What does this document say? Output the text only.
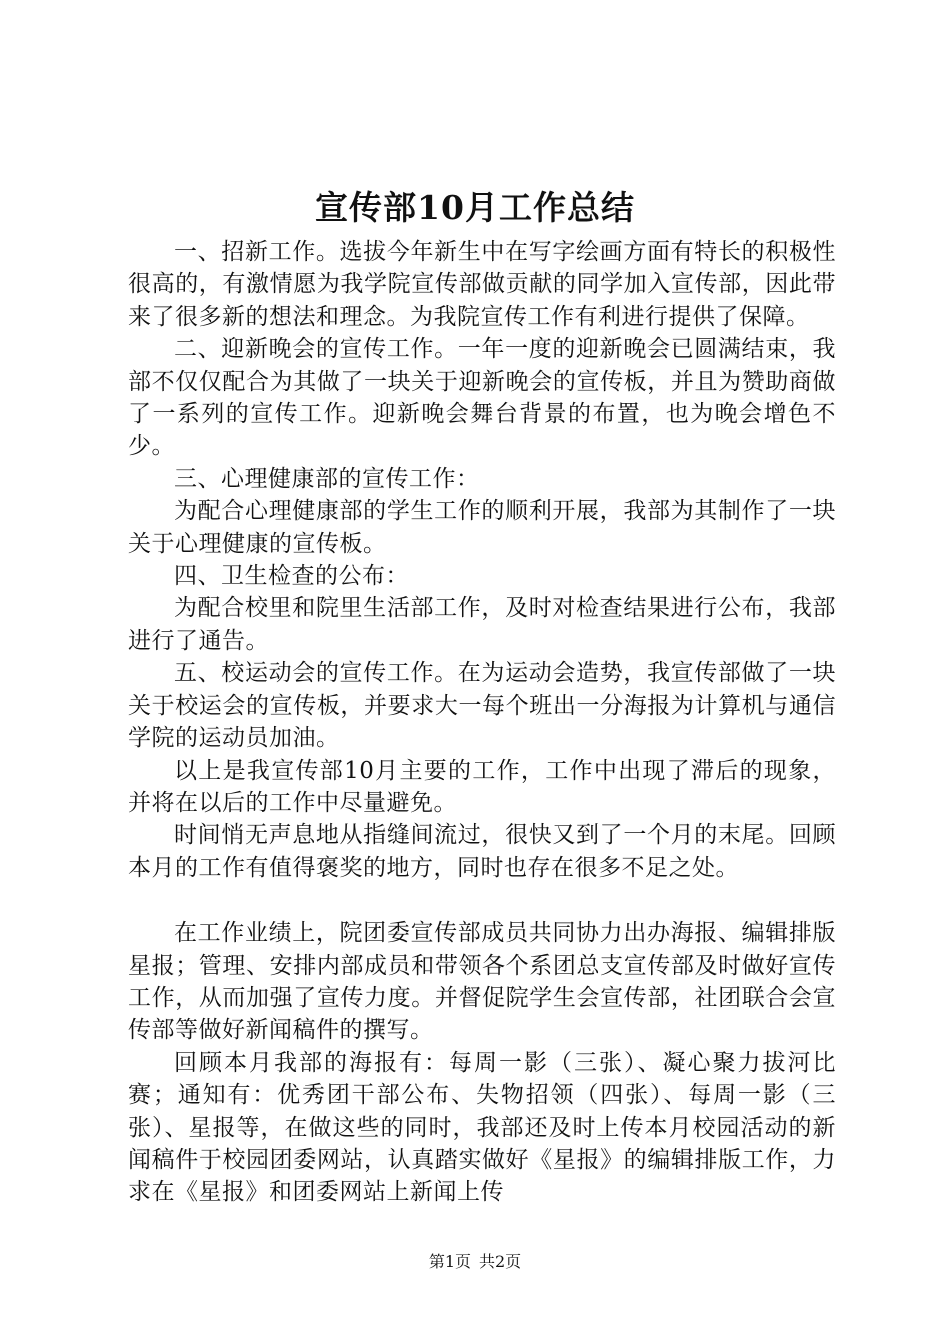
宣传部10月工作总结

一、招新工作。选拔今年新生中在写字绘画方面有特长的积极性很高的，有激情愿为我学院宣传部做贡献的同学加入宣传部，因此带来了很多新的想法和理念。为我院宣传工作有利进行提供了保障。

二、迎新晚会的宣传工作。一年一度的迎新晚会已圆满结束，我部不仅仅配合为其做了一块关于迎新晚会的宣传板，并且为赞助商做了一系列的宣传工作。迎新晚会舞台背景的布置，也为晚会增色不少。

三、心理健康部的宣传工作：

为配合心理健康部的学生工作的顺利开展，我部为其制作了一块关于心理健康的宣传板。

四、卫生检查的公布：

为配合校里和院里生活部工作，及时对检查结果进行公布，我部进行了通告。

五、校运动会的宣传工作。在为运动会造势，我宣传部做了一块关于校运会的宣传板，并要求大一每个班出一分海报为计算机与通信学院的运动员加油。

以上是我宣传部10月主要的工作，工作中出现了滞后的现象，并将在以后的工作中尽量避免。

时间悄无声息地从指缝间流过，很快又到了一个月的末尾。回顾本月的工作有值得褒奖的地方，同时也存在很多不足之处。

在工作业绩上，院团委宣传部成员共同协力出办海报、编辑排版星报；管理、安排内部成员和带领各个系团总支宣传部及时做好宣传工作，从而加强了宣传力度。并督促院学生会宣传部，社团联合会宣传部等做好新闻稿件的撰写。

回顾本月我部的海报有：每周一影（三张）、凝心聚力拔河比赛；通知有：优秀团干部公布、失物招领（四张）、每周一影（三张）、星报等，在做这些的同时，我部还及时上传本月校园活动的新闻稿件于校园团委网站，认真踏实做好《星报》的编辑排版工作，力求在《星报》和团委网站上新闻上传

第1页 共2页
